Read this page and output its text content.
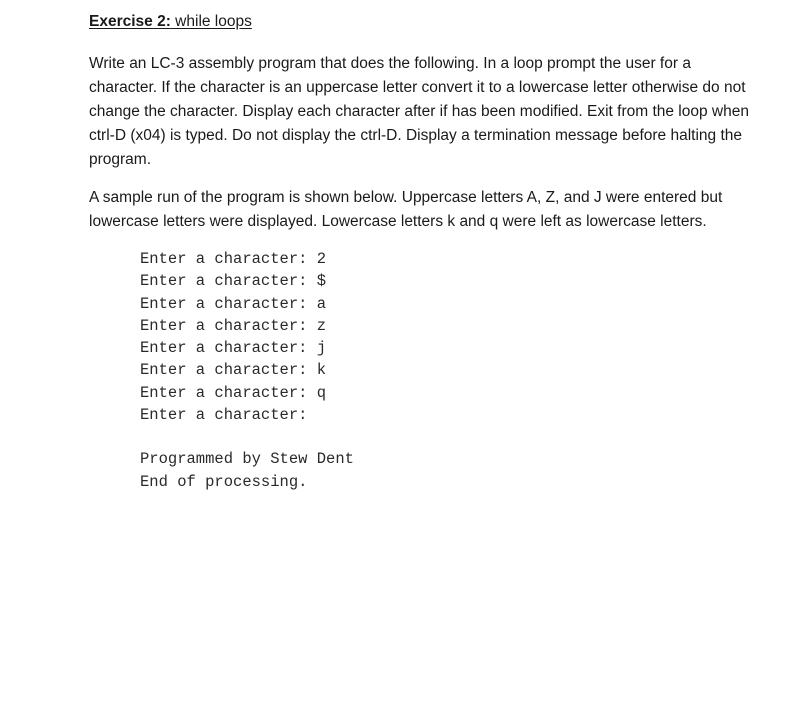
Exercise 2: while loops

Write an LC-3 assembly program that does the following. In a loop prompt the user for a character. If the character is an uppercase letter convert it to a lowercase letter otherwise do not change the character. Display each character after if has been modified. Exit from the loop when ctrl-D (x04) is typed. Do not display the ctrl-D. Display a termination message before halting the program.

A sample run of the program is shown below. Uppercase letters A, Z, and J were entered but lowercase letters were displayed. Lowercase letters k and q were left as lowercase letters.

Enter a character: 2
Enter a character: $
Enter a character: a
Enter a character: z
Enter a character: j
Enter a character: k
Enter a character: q
Enter a character:
Programmed by Stew Dent
End of processing.
